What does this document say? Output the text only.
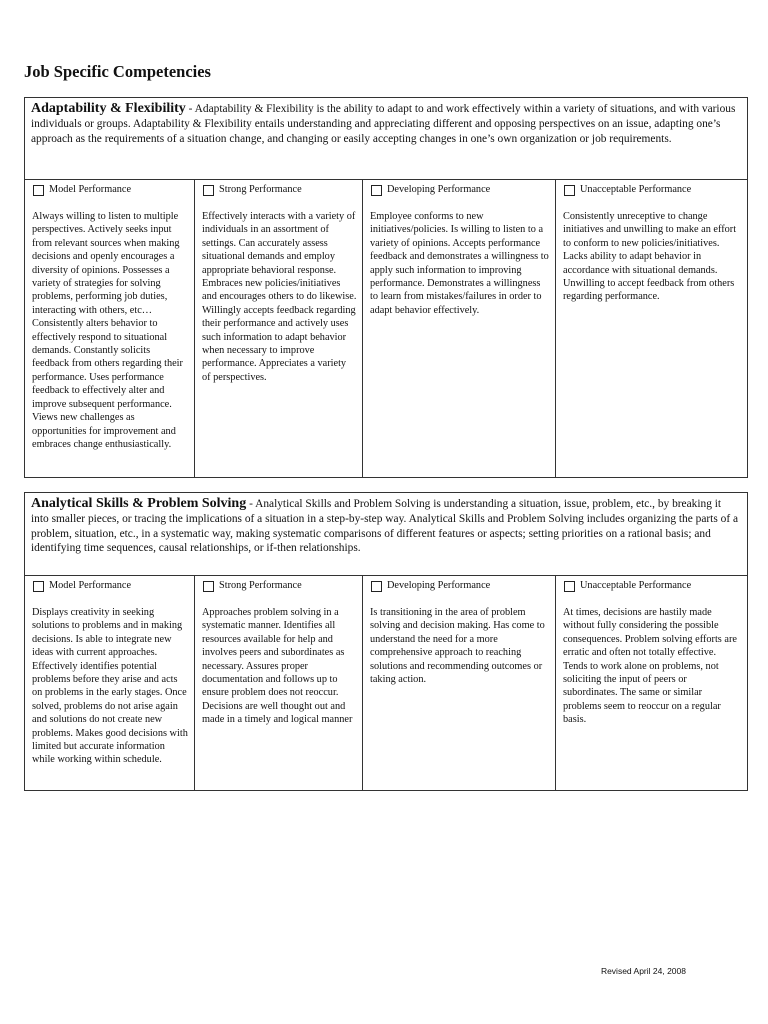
Job Specific Competencies
Adaptability & Flexibility - Adaptability & Flexibility is the ability to adapt to and work effectively within a variety of situations, and with various individuals or groups. Adaptability & Flexibility entails understanding and appreciating different and opposing perspectives on an issue, adapting one’s approach as the requirements of a situation change, and changing or easily accepting changes in one’s own organization or job requirements.
Model Performance
Always willing to listen to multiple perspectives. Actively seeks input from relevant sources when making decisions and openly encourages a diversity of opinions. Possesses a variety of strategies for solving problems, performing job duties, interacting with others, etc… Consistently alters behavior to effectively respond to situational demands. Constantly solicits feedback from others regarding their performance. Uses performance feedback to effectively alter and improve subsequent performance. Views new challenges as opportunities for improvement and embraces change enthusiastically.
Strong Performance
Effectively interacts with a variety of individuals in an assortment of settings. Can accurately assess situational demands and employ appropriate behavioral response. Embraces new policies/initiatives and encourages others to do likewise. Willingly accepts feedback regarding their performance and actively uses such information to adapt behavior when necessary to improve performance. Appreciates a variety of perspectives.
Developing Performance
Employee conforms to new initiatives/policies. Is willing to listen to a variety of opinions. Accepts performance feedback and demonstrates a willingness to apply such information to improving performance. Demonstrates a willingness to learn from mistakes/failures in order to adapt behavior effectively.
Unacceptable Performance
Consistently unreceptive to change initiatives and unwilling to make an effort to conform to new policies/initiatives. Lacks ability to adapt behavior in accordance with situational demands. Unwilling to accept feedback from others regarding performance.
Analytical Skills & Problem Solving - Analytical Skills and Problem Solving is understanding a situation, issue, problem, etc., by breaking it into smaller pieces, or tracing the implications of a situation in a step-by-step way. Analytical Skills and Problem Solving includes organizing the parts of a problem, situation, etc., in a systematic way, making systematic comparisons of different features or aspects; setting priorities on a rational basis; and identifying time sequences, causal relationships, or if-then relationships.
Model Performance
Displays creativity in seeking solutions to problems and in making decisions. Is able to integrate new ideas with current approaches. Effectively identifies potential problems before they arise and acts on problems in the early stages. Once solved, problems do not arise again and solutions do not create new problems. Makes good decisions with limited but accurate information while working within schedule.
Strong Performance
Approaches problem solving in a systematic manner. Identifies all resources available for help and involves peers and subordinates as necessary. Assures proper documentation and follows up to ensure problem does not reoccur. Decisions are well thought out and made in a timely and logical manner
Developing Performance
Is transitioning in the area of problem solving and decision making. Has come to understand the need for a more comprehensive approach to reaching solutions and recommending outcomes or taking action.
Unacceptable Performance
At times, decisions are hastily made without fully considering the possible consequences. Problem solving efforts are erratic and often not totally effective. Tends to work alone on problems, not soliciting the input of peers or subordinates. The same or similar problems seem to reoccur on a regular basis.
Revised April 24, 2008
